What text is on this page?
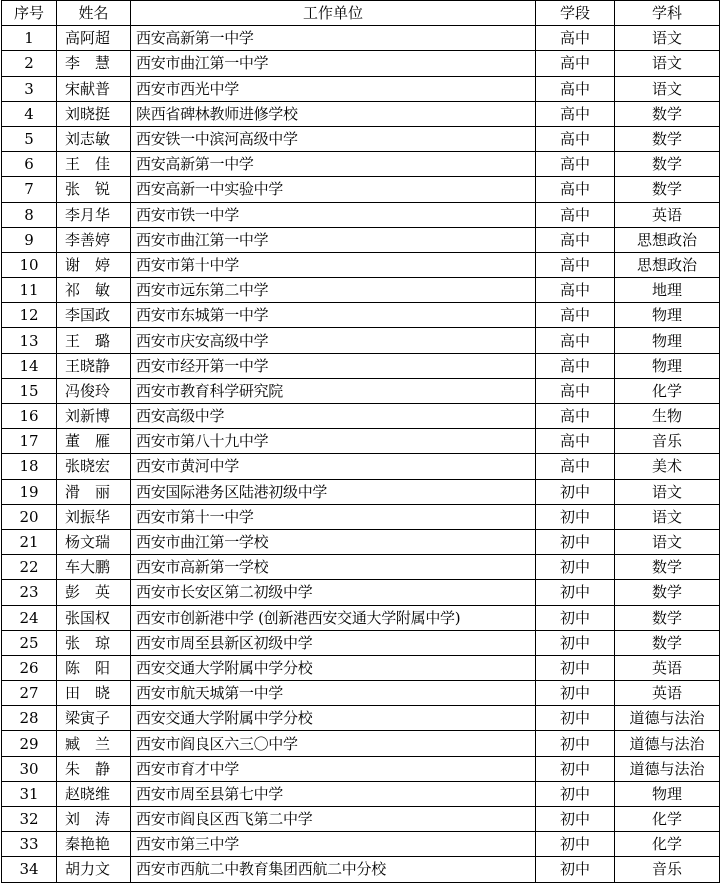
序号	姓名	工作单位	学段	学科
1	高阿超	西安高新第一中学	高中	语文
2	李　慧	西安市曲江第一中学	高中	语文
3	宋献普	西安市西光中学	高中	语文
4	刘晓挺	陕西省碑林教师进修学校	高中	数学
5	刘志敏	西安铁一中滨河高级中学	高中	数学
6	王　佳	西安高新第一中学	高中	数学
7	张　锐	西安高新一中实验中学	高中	数学
8	李月华	西安市铁一中学	高中	英语
9	李善婷	西安市曲江第一中学	高中	思想政治
10	谢　婷	西安市第十中学	高中	思想政治
11	祁　敏	西安市远东第二中学	高中	地理
12	李国政	西安市东城第一中学	高中	物理
13	王　璐	西安市庆安高级中学	高中	物理
14	王晓静	西安市经开第一中学	高中	物理
15	冯俊玲	西安市教育科学研究院	高中	化学
16	刘新博	西安高级中学	高中	生物
17	董　雁	西安市第八十九中学	高中	音乐
18	张晓宏	西安市黄河中学	高中	美术
19	滑　丽	西安国际港务区陆港初级中学	初中	语文
20	刘振华	西安市第十一中学	初中	语文
21	杨文瑞	西安市曲江第一学校	初中	语文
22	车大鹏	西安市高新第一学校	初中	数学
23	彭　英	西安市长安区第二初级中学	初中	数学
24	张国权	西安市创新港中学 (创新港西安交通大学附属中学)	初中	数学
25	张　琼	西安市周至县新区初级中学	初中	数学
26	陈　阳	西安交通大学附属中学分校	初中	英语
27	田　晓	西安市航天城第一中学	初中	英语
28	梁寅子	西安交通大学附属中学分校	初中	道德与法治
29	臧　兰	西安市阎良区六三〇中学	初中	道德与法治
30	朱　静	西安市育才中学	初中	道德与法治
31	赵晓维	西安市周至县第七中学	初中	物理
32	刘　涛	西安市阎良区西飞第二中学	初中	化学
33	秦艳艳	西安市第三中学	初中	化学
34	胡力文	西安市西航二中教育集团西航二中分校	初中	音乐
